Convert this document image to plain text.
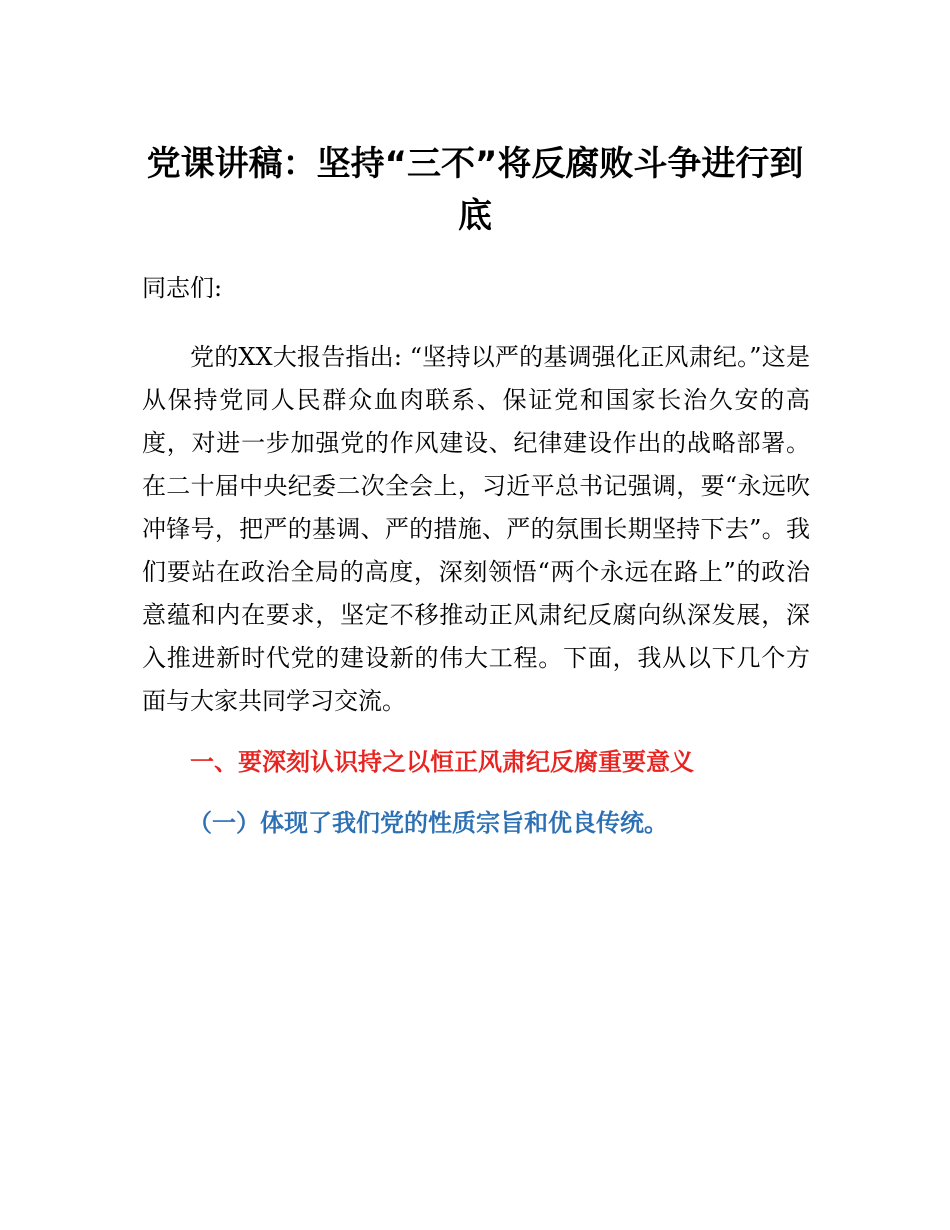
党课讲稿：坚持“三不”将反腐败斗争进行到底

同志们:

党的XX大报告指出: “坚持以严的基调强化正风肃纪。”这是从保持党同人民群众血肉联系、保证党和国家长治久安的高度，对进一步加强党的作风建设、纪律建设作出的战略部署。在二十届中央纪委二次全会上，习近平总书记强调，要“永远吹冲锋号，把严的基调、严的措施、严的氛围长期坚持下去”。我们要站在政治全局的高度，深刻领悟“两个永远在路上”的政治意蕴和内在要求，坚定不移推动正风肃纪反腐向纵深发展，深入推进新时代党的建设新的伟大工程。下面，我从以下几个方面与大家共同学习交流。

一、要深刻认识持之以恒正风肃纪反腐重要意义
（一）体现了我们党的性质宗旨和优良传统。
